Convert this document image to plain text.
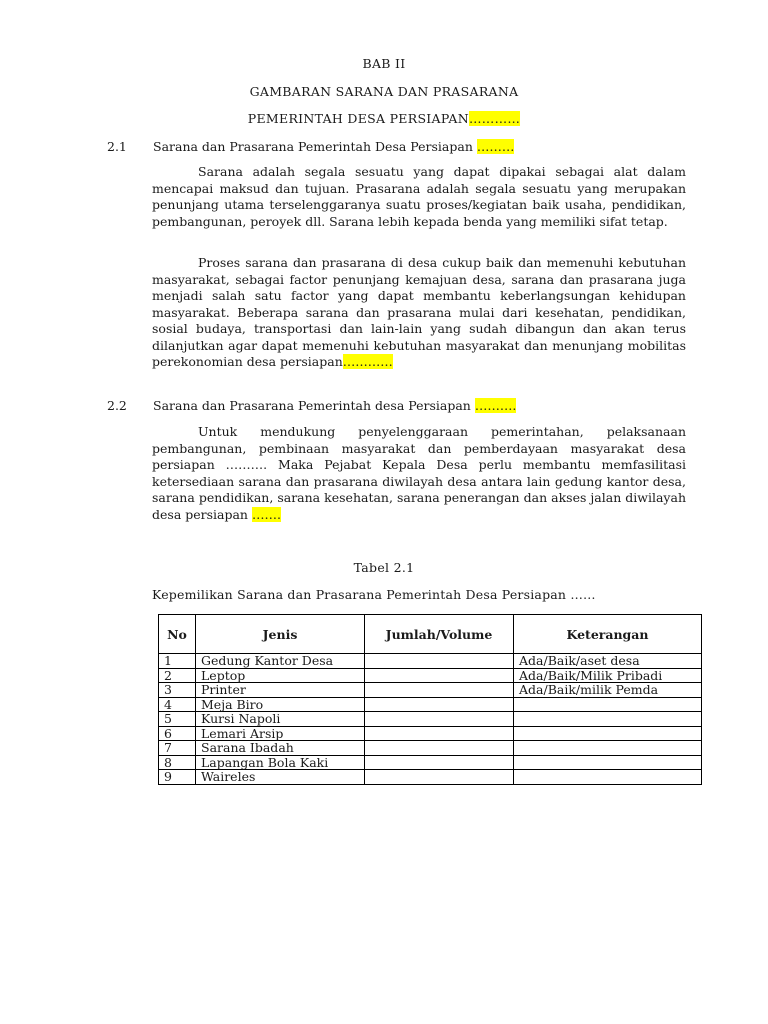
BAB II
GAMBARAN SARANA DAN PRASARANA
PEMERINTAH DESA PERSIAPAN…………
2.1 Sarana dan Prasarana Pemerintah Desa Persiapan ………

Sarana adalah segala sesuatu yang dapat dipakai sebagai alat dalam mencapai maksud dan tujuan. Prasarana adalah segala sesuatu yang merupakan penunjang utama terselenggaranya suatu proses/kegiatan baik usaha, pendidikan, pembangunan, peroyek dll. Sarana lebih kepada benda yang memiliki sifat tetap.

Proses sarana dan prasarana di desa cukup baik dan memenuhi kebutuhan masyarakat, sebagai factor penunjang kemajuan desa, sarana dan prasarana juga menjadi salah satu factor yang dapat membantu keberlangsungan kehidupan masyarakat. Beberapa sarana dan prasarana mulai dari kesehatan, pendidikan, sosial budaya, transportasi dan lain-lain yang sudah dibangun dan akan terus dilanjutkan agar dapat memenuhi kebutuhan masyarakat dan menunjang mobilitas perekonomian desa persiapan…………

2.2 Sarana dan Prasarana Pemerintah desa Persiapan ……….

Untuk mendukung penyelenggaraan pemerintahan, pelaksanaan pembangunan, pembinaan masyarakat dan pemberdayaan masyarakat desa persiapan ………. Maka Pejabat Kepala Desa perlu membantu memfasilitasi ketersediaan sarana dan prasarana diwilayah desa antara lain gedung kantor desa, sarana pendidikan, sarana kesehatan, sarana penerangan dan akses jalan diwilayah desa persiapan …….

Tabel 2.1
Kepemilikan Sarana dan Prasarana Pemerintah Desa Persiapan ……
No	Jenis	Jumlah/Volume	Keterangan
1	Gedung Kantor Desa		Ada/Baik/aset desa
2	Leptop		Ada/Baik/Milik Pribadi
3	Printer		Ada/Baik/milik Pemda
4	Meja Biro		
5	Kursi Napoli		
6	Lemari Arsip		
7	Sarana Ibadah		
8	Lapangan Bola Kaki		
9	Waireles		
